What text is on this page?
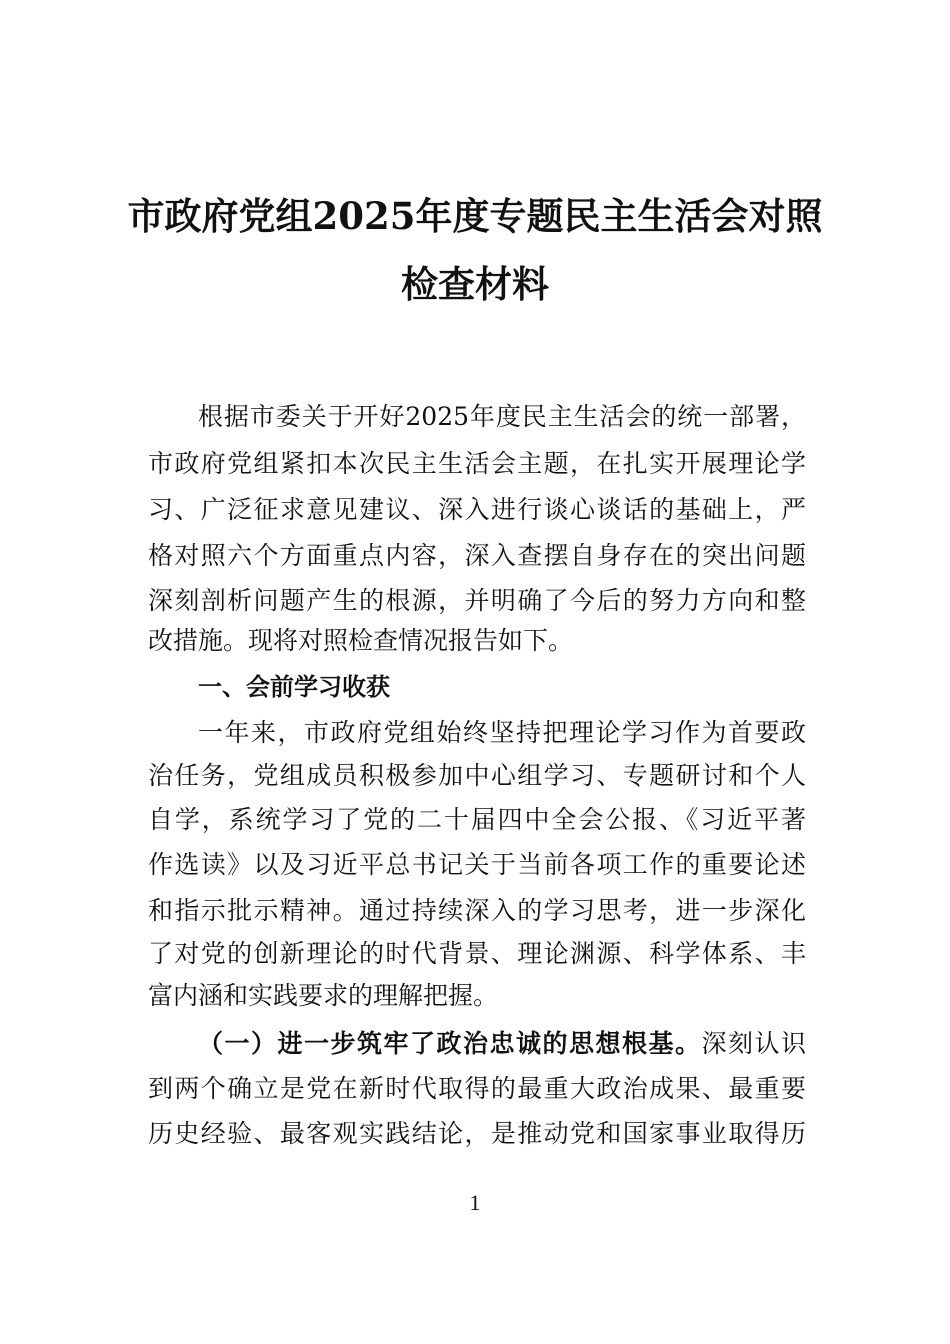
市政府党组2025年度专题民主生活会对照
检查材料
根据市委关于开好2025年度民主生活会的统一部署，
市政府党组紧扣本次民主生活会主题，在扎实开展理论学
习、广泛征求意见建议、深入进行谈心谈话的基础上，严
格对照六个方面重点内容，深入查摆自身存在的突出问题
深刻剖析问题产生的根源，并明确了今后的努力方向和整
改措施。现将对照检查情况报告如下。
一、会前学习收获
一年来，市政府党组始终坚持把理论学习作为首要政
治任务，党组成员积极参加中心组学习、专题研讨和个人
自学，系统学习了党的二十届四中全会公报、《习近平著
作选读》以及习近平总书记关于当前各项工作的重要论述
和指示批示精神。通过持续深入的学习思考，进一步深化
了对党的创新理论的时代背景、理论渊源、科学体系、丰
富内涵和实践要求的理解把握。
（一）进一步筑牢了政治忠诚的思想根基。深刻认识
到两个确立是党在新时代取得的最重大政治成果、最重要
历史经验、最客观实践结论，是推动党和国家事业取得历
1
